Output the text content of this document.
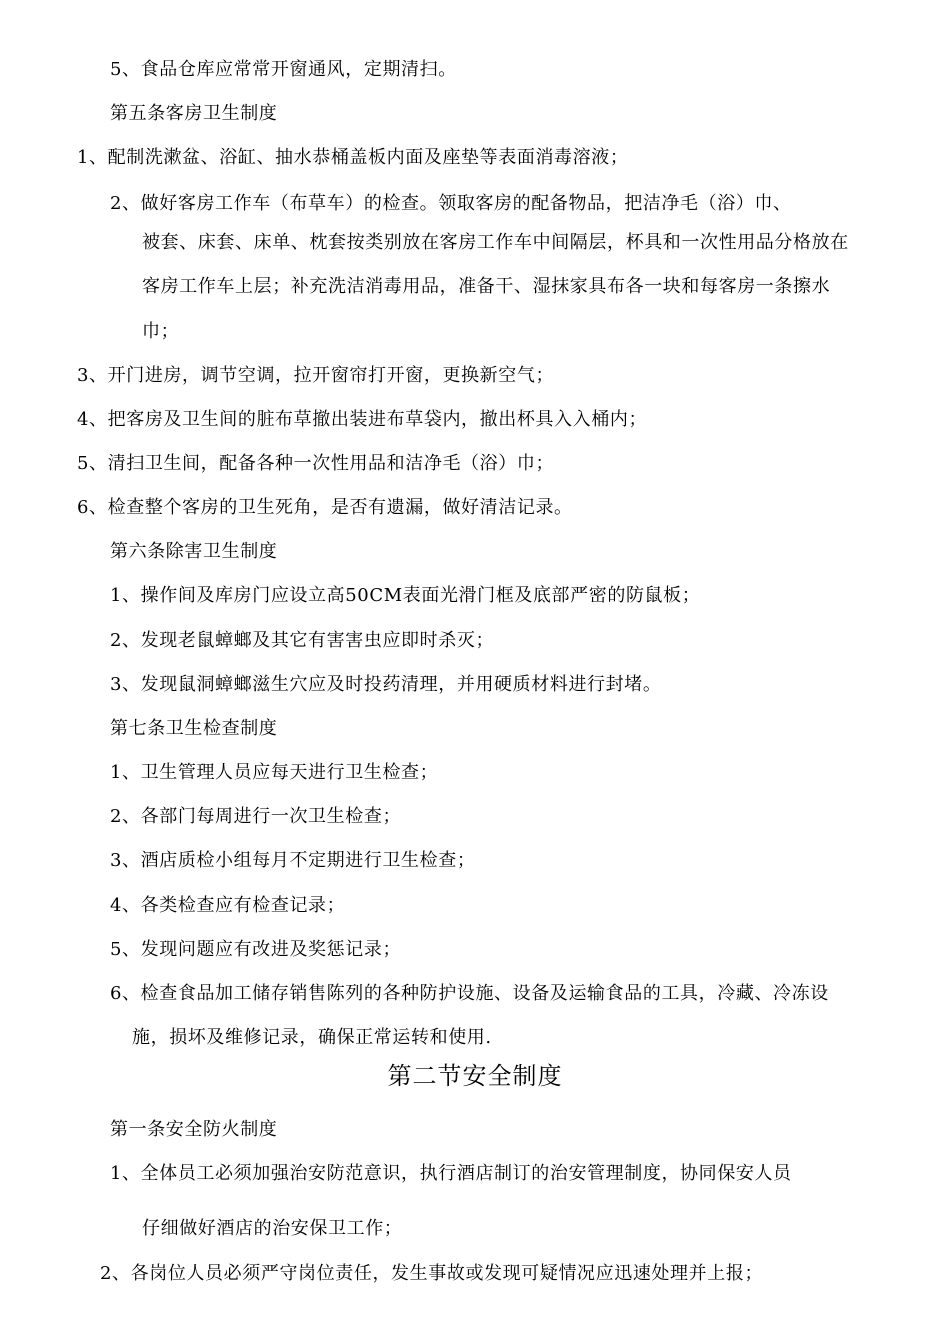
5、食品仓库应常常开窗通风，定期清扫。
第五条客房卫生制度
1、配制洗漱盆、浴缸、抽水恭桶盖板内面及座垫等表面消毒溶液；
2、做好客房工作车（布草车）的检查。领取客房的配备物品，把洁净毛（浴）巾、
被套、床套、床单、枕套按类别放在客房工作车中间隔层，杯具和一次性用品分格放在
客房工作车上层；补充洗洁消毒用品，准备干、湿抹家具布各一块和每客房一条擦水
巾；
3、开门进房，调节空调，拉开窗帘打开窗，更换新空气；
4、把客房及卫生间的脏布草撤出装进布草袋内，撤出杯具入入桶内；
5、清扫卫生间，配备各种一次性用品和洁净毛（浴）巾；
6、检查整个客房的卫生死角，是否有遗漏，做好清洁记录。
第六条除害卫生制度
1、操作间及库房门应设立高50CM表面光滑门框及底部严密的防鼠板；
2、发现老鼠蟑螂及其它有害害虫应即时杀灭；
3、发现鼠洞蟑螂滋生穴应及时投药清理，并用硬质材料进行封堵。
第七条卫生检查制度
1、卫生管理人员应每天进行卫生检查；
2、各部门每周进行一次卫生检查；
3、酒店质检小组每月不定期进行卫生检查；
4、各类检查应有检查记录；
5、发现问题应有改进及奖惩记录；
6、检查食品加工储存销售陈列的各种防护设施、设备及运输食品的工具，冷藏、冷冻设
施，损坏及维修记录，确保正常运转和使用.
第二节安全制度
第一条安全防火制度
1、全体员工必须加强治安防范意识，执行酒店制订的治安管理制度，协同保安人员
仔细做好酒店的治安保卫工作；
2、各岗位人员必须严守岗位责任，发生事故或发现可疑情况应迅速处理并上报；
